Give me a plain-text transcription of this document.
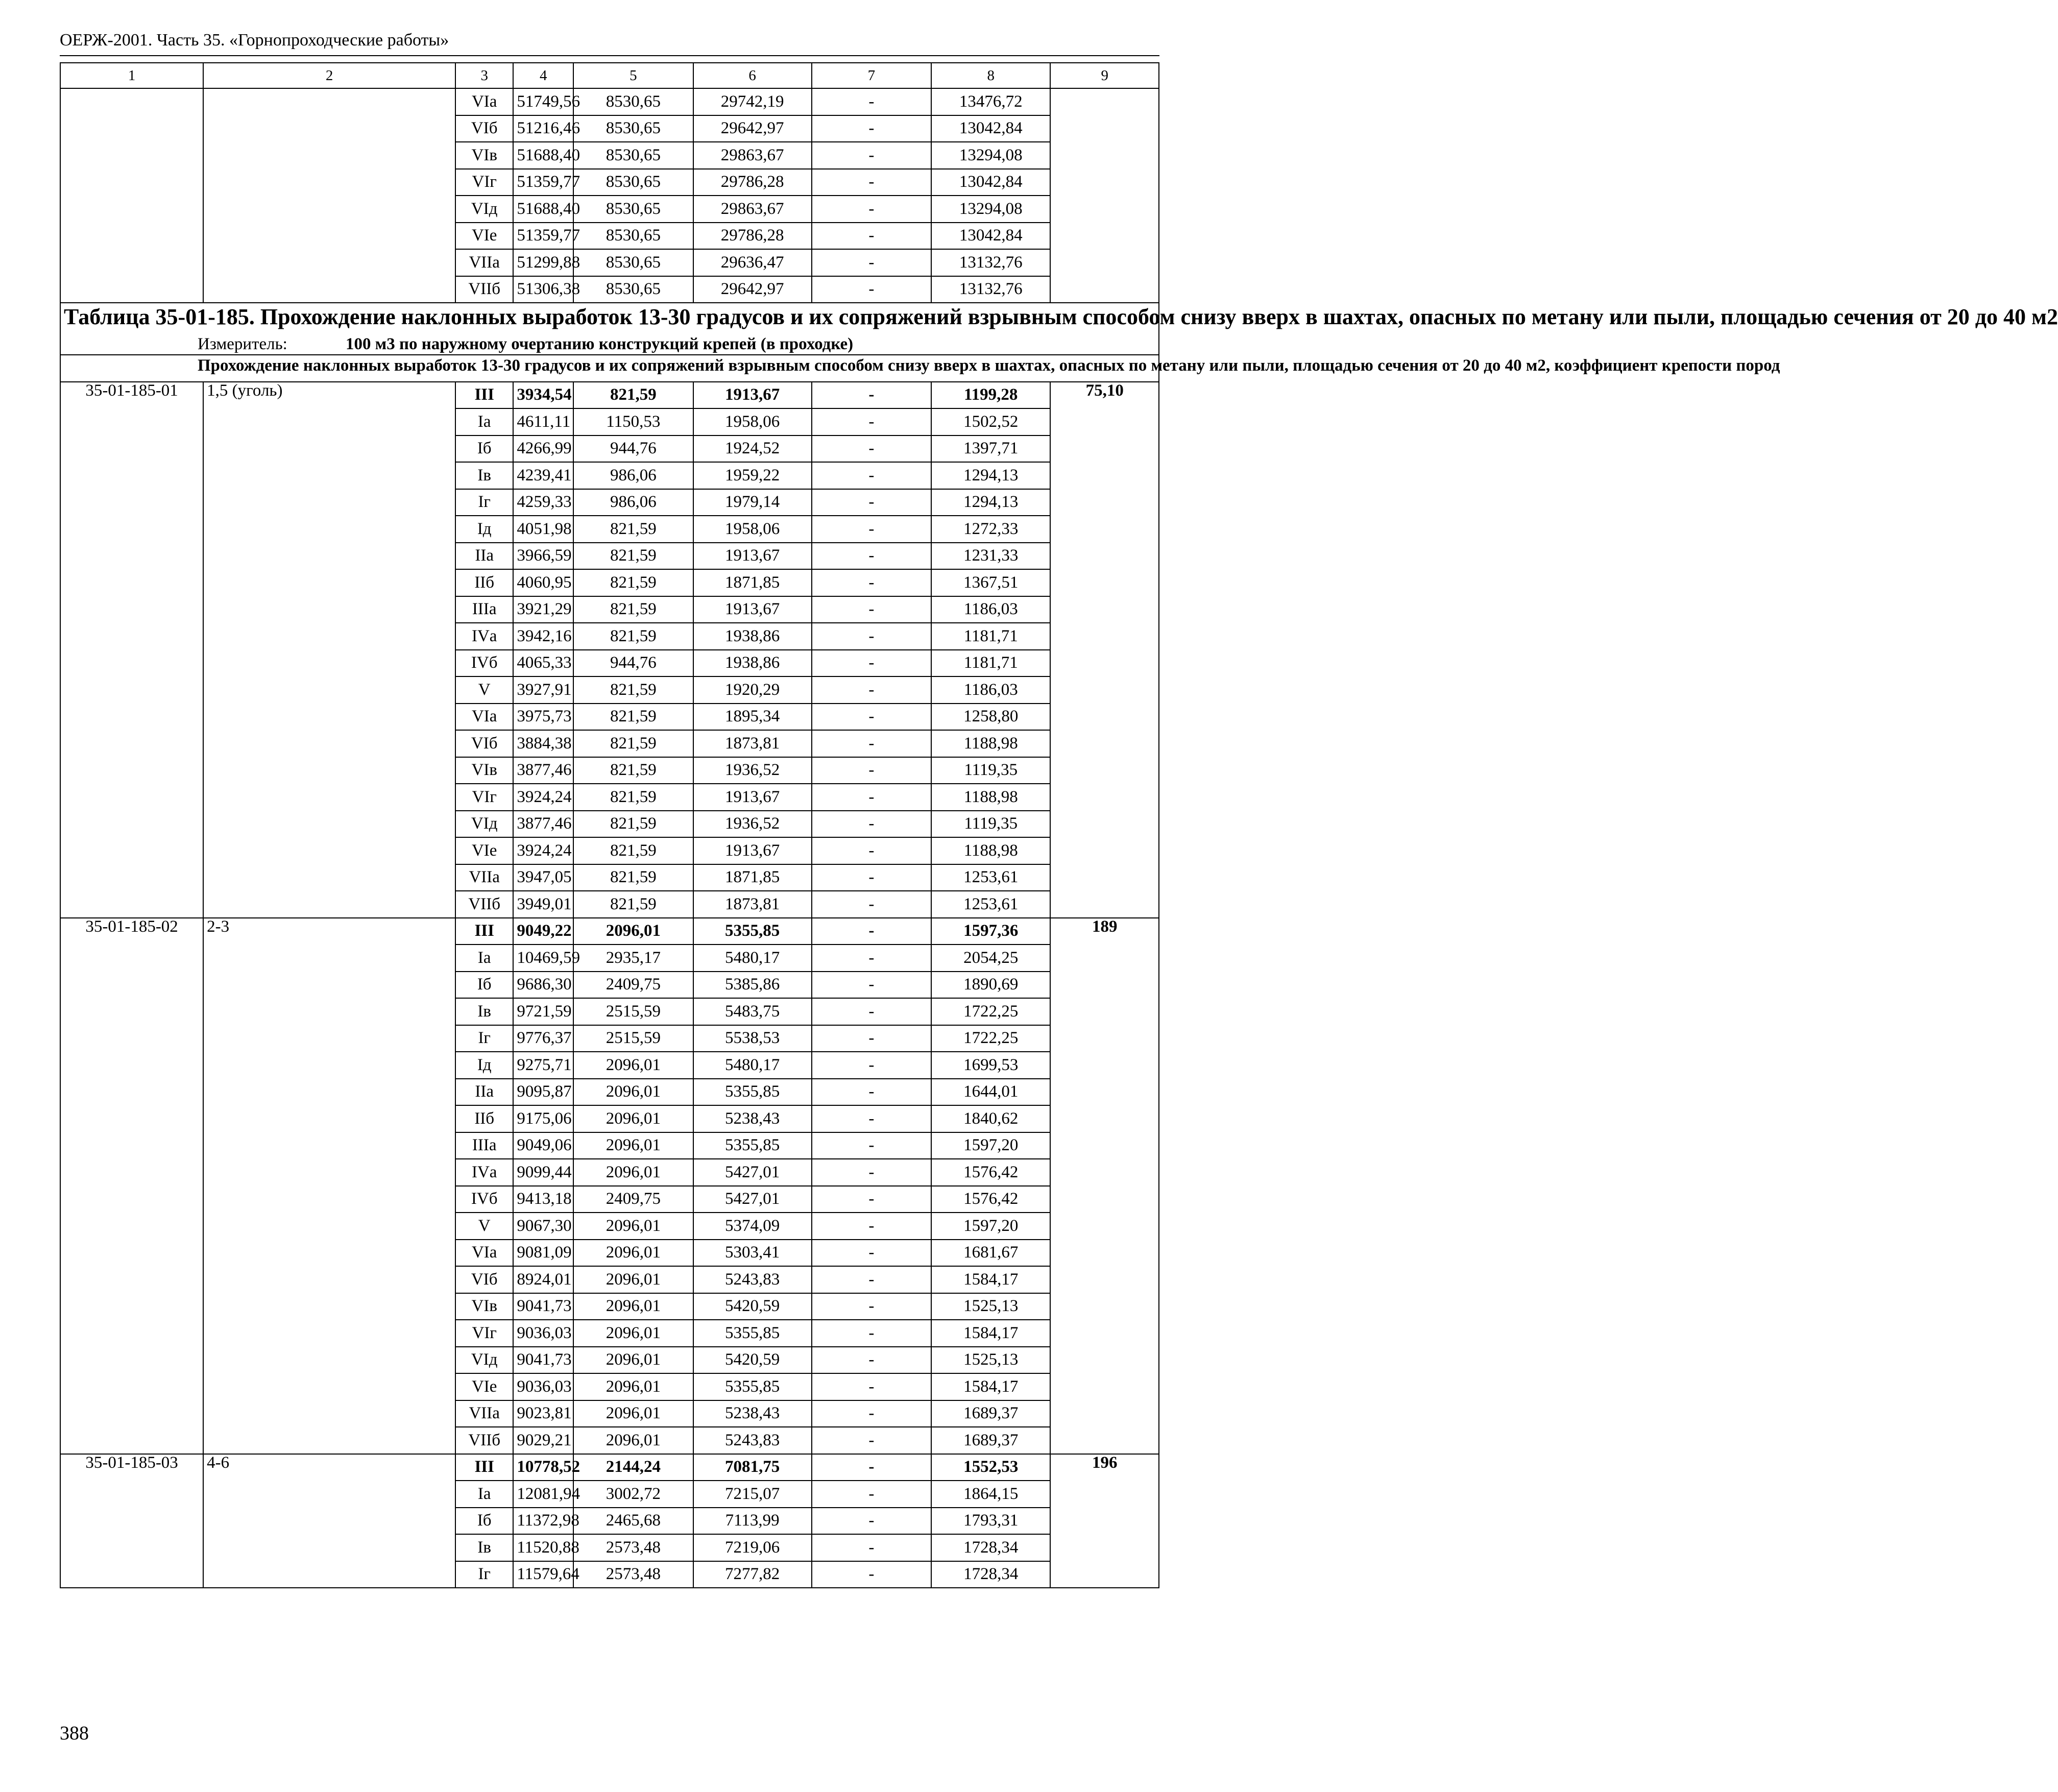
ОЕРЖ-2001. Часть 35. «Горнопроходческие работы»
1	2	3	4	5	6	7	8	9
		VIа	51749,56	8530,65	29742,19	-	13476,72	
		VIб	51216,46	8530,65	29642,97	-	13042,84	
		VIв	51688,40	8530,65	29863,67	-	13294,08	
		VIг	51359,77	8530,65	29786,28	-	13042,84	
		VIд	51688,40	8530,65	29863,67	-	13294,08	
		VIе	51359,77	8530,65	29786,28	-	13042,84	
		VIIа	51299,88	8530,65	29636,47	-	13132,76	
		VIIб	51306,38	8530,65	29642,97	-	13132,76	

Таблица 35-01-185. Прохождение наклонных выработок 13-30 градусов и их сопряжений взрывным способом снизу вверх в шахтах, опасных по метану или пыли, площадью сечения от 20 до 40 м2
Измеритель: 100 м3 по наружному очертанию конструкций крепей (в проходке)								

Прохождение наклонных выработок 13-30 градусов и их сопряжений взрывным способом снизу вверх в шахтах, опасных по метану или пыли, площадью сечения от 20 до 40 м2, коэффициент крепости пород								

35-01-185-01	1,5 (уголь)	III	3934,54	821,59	1913,67	-	1199,28	75,10
		Iа	4611,11	1150,53	1958,06	-	1502,52	
		Iб	4266,99	944,76	1924,52	-	1397,71	
		Iв	4239,41	986,06	1959,22	-	1294,13	
		Iг	4259,33	986,06	1979,14	-	1294,13	
		Iд	4051,98	821,59	1958,06	-	1272,33	
		IIа	3966,59	821,59	1913,67	-	1231,33	
		IIб	4060,95	821,59	1871,85	-	1367,51	
		IIIа	3921,29	821,59	1913,67	-	1186,03	
		IVа	3942,16	821,59	1938,86	-	1181,71	
		IVб	4065,33	944,76	1938,86	-	1181,71	
		V	3927,91	821,59	1920,29	-	1186,03	
		VIа	3975,73	821,59	1895,34	-	1258,80	
		VIб	3884,38	821,59	1873,81	-	1188,98	
		VIв	3877,46	821,59	1936,52	-	1119,35	
		VIг	3924,24	821,59	1913,67	-	1188,98	
		VIд	3877,46	821,59	1936,52	-	1119,35	
		VIе	3924,24	821,59	1913,67	-	1188,98	
		VIIа	3947,05	821,59	1871,85	-	1253,61	
		VIIб	3949,01	821,59	1873,81	-	1253,61	
35-01-185-02	2-3	III	9049,22	2096,01	5355,85	-	1597,36	189
		Iа	10469,59	2935,17	5480,17	-	2054,25	
		Iб	9686,30	2409,75	5385,86	-	1890,69	
		Iв	9721,59	2515,59	5483,75	-	1722,25	
		Iг	9776,37	2515,59	5538,53	-	1722,25	
		Iд	9275,71	2096,01	5480,17	-	1699,53	
		IIа	9095,87	2096,01	5355,85	-	1644,01	
		IIб	9175,06	2096,01	5238,43	-	1840,62	
		IIIа	9049,06	2096,01	5355,85	-	1597,20	
		IVа	9099,44	2096,01	5427,01	-	1576,42	
		IVб	9413,18	2409,75	5427,01	-	1576,42	
		V	9067,30	2096,01	5374,09	-	1597,20	
		VIа	9081,09	2096,01	5303,41	-	1681,67	
		VIб	8924,01	2096,01	5243,83	-	1584,17	
		VIв	9041,73	2096,01	5420,59	-	1525,13	
		VIг	9036,03	2096,01	5355,85	-	1584,17	
		VIд	9041,73	2096,01	5420,59	-	1525,13	
		VIе	9036,03	2096,01	5355,85	-	1584,17	
		VIIа	9023,81	2096,01	5238,43	-	1689,37	
		VIIб	9029,21	2096,01	5243,83	-	1689,37	
35-01-185-03	4-6	III	10778,52	2144,24	7081,75	-	1552,53	196
		Iа	12081,94	3002,72	7215,07	-	1864,15	
		Iб	11372,98	2465,68	7113,99	-	1793,31	
		Iв	11520,88	2573,48	7219,06	-	1728,34	
		Iг	11579,64	2573,48	7277,82	-	1728,34	
388
